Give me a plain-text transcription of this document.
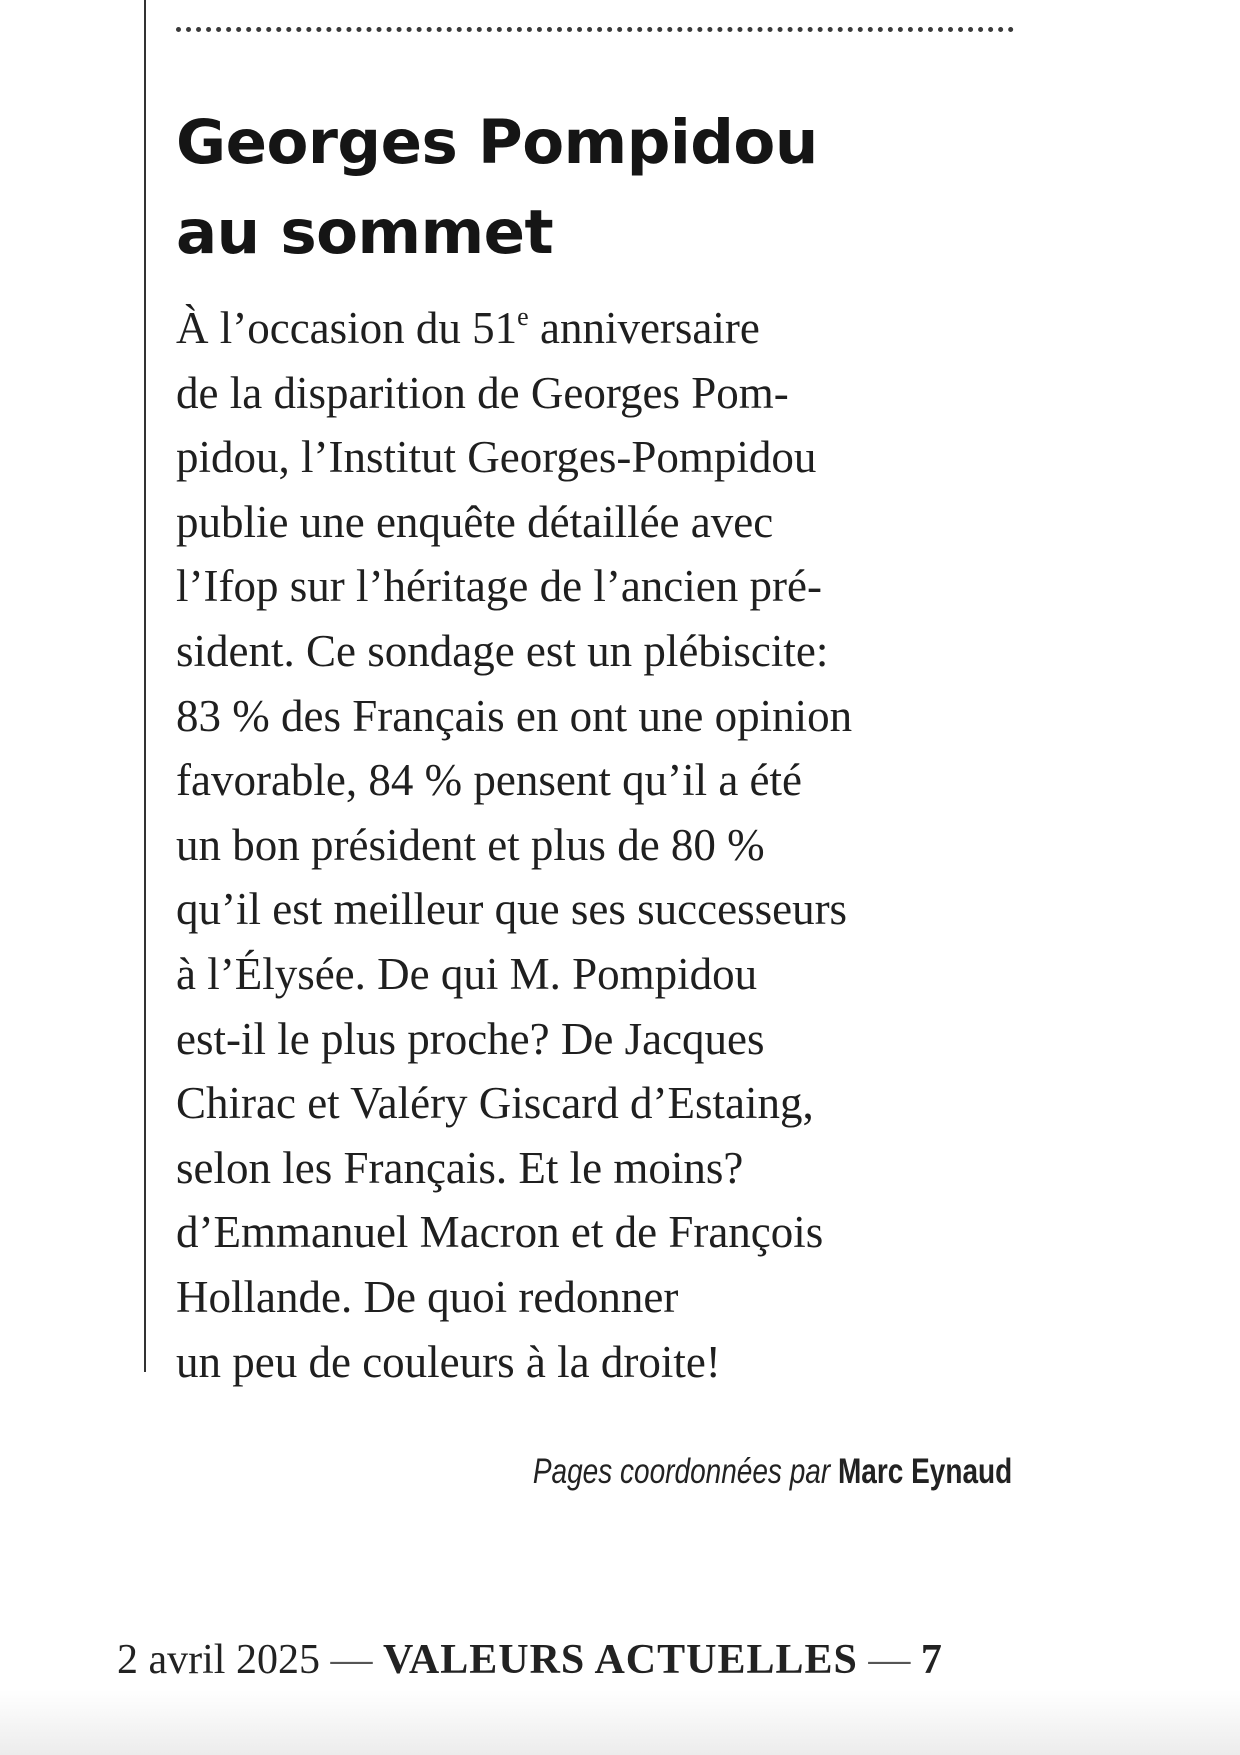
Georges Pompidou
au sommet
À l’occasion du 51e anniversaire
de la disparition de Georges Pom-
pidou, l’Institut Georges-Pompidou
publie une enquête détaillée avec
l’Ifop sur l’héritage de l’ancien pré-
sident. Ce sondage est un plébiscite:
83 % des Français en ont une opinion
favorable, 84 % pensent qu’il a été
un bon président et plus de 80 %
qu’il est meilleur que ses successeurs
à l’Élysée. De qui M. Pompidou
est-il le plus proche? De Jacques
Chirac et Valéry Giscard d’Estaing,
selon les Français. Et le moins?
d’Emmanuel Macron et de François
Hollande. De quoi redonner
un peu de couleurs à la droite!
Pages coordonnées par Marc Eynaud
2 avril 2025 — VALEURS ACTUELLES — 7
